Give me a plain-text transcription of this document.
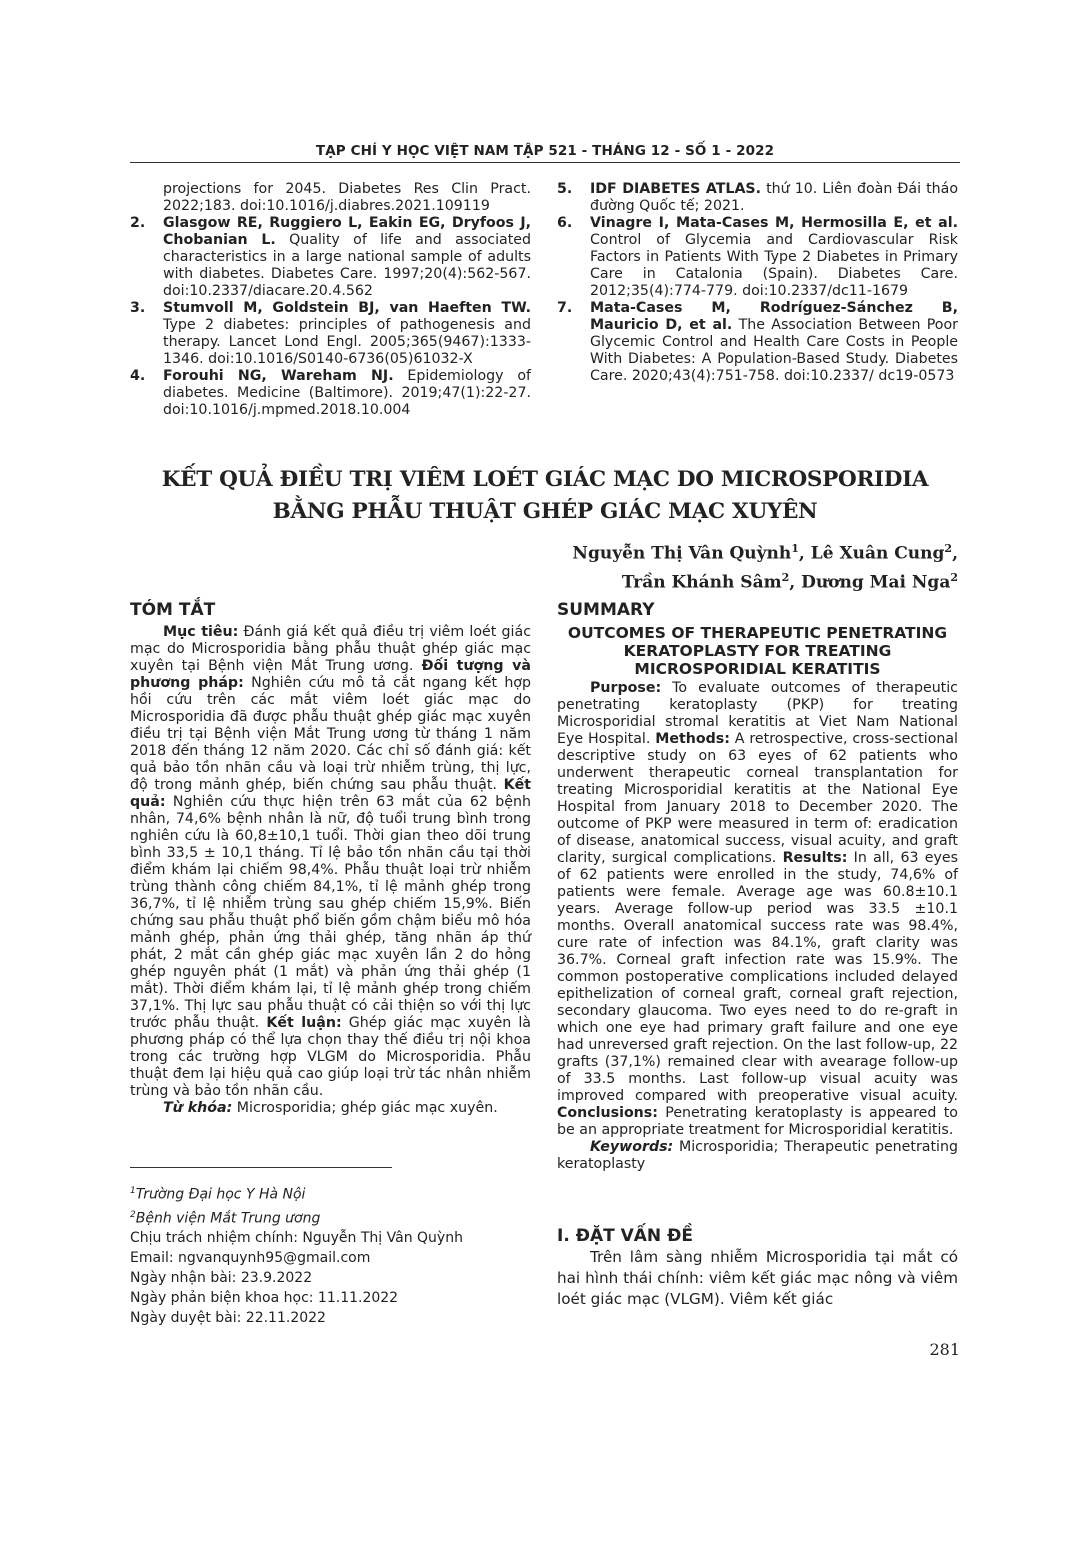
TẠP CHÍ Y HỌC VIỆT NAM TẬP 521 - THÁNG 12 - SỐ 1 - 2022

projections for 2045. Diabetes Res Clin Pract. 2022;183. doi:10.1016/j.diabres.2021.109119

2. Glasgow RE, Ruggiero L, Eakin EG, Dryfoos J, Chobanian L. Quality of life and associated characteristics in a large national sample of adults with diabetes. Diabetes Care. 1997;20(4):562-567. doi:10.2337/diacare.20.4.562

3. Stumvoll M, Goldstein BJ, van Haeften TW. Type 2 diabetes: principles of pathogenesis and therapy. Lancet Lond Engl. 2005;365(9467):1333-1346. doi:10.1016/S0140-6736(05)61032-X

4. Forouhi NG, Wareham NJ. Epidemiology of diabetes. Medicine (Baltimore). 2019;47(1):22-27. doi:10.1016/j.mpmed.2018.10.004

5. IDF DIABETES ATLAS. thứ 10. Liên đoàn Đái tháo đường Quốc tế; 2021.

6. Vinagre I, Mata-Cases M, Hermosilla E, et al. Control of Glycemia and Cardiovascular Risk Factors in Patients With Type 2 Diabetes in Primary Care in Catalonia (Spain). Diabetes Care. 2012;35(4):774-779. doi:10.2337/dc11-1679

7. Mata-Cases M, Rodríguez-Sánchez B, Mauricio D, et al. The Association Between Poor Glycemic Control and Health Care Costs in People With Diabetes: A Population-Based Study. Diabetes Care. 2020;43(4):751-758. doi:10.2337/ dc19-0573

KẾT QUẢ ĐIỀU TRỊ VIÊM LOÉT GIÁC MẠC DO MICROSPORIDIA
BẰNG PHẪU THUẬT GHÉP GIÁC MẠC XUYÊN
Nguyễn Thị Vân Quỳnh$^1$, Lê Xuân Cung$^2$,
Trần Khánh Sâm$^2$, Dương Mai Nga$^2$
TÓM TẮT	SUMMARY

Mục tiêu: Đánh giá kết quả điều trị viêm loét giác mạc do Microsporidia bằng phẫu thuật ghép giác mạc xuyên tại Bệnh viện Mắt Trung ương. Đối tượng và phương pháp: Nghiên cứu mô tả cắt ngang kết hợp hồi cứu trên các mắt viêm loét giác mạc do Microsporidia đã được phẫu thuật ghép giác mạc xuyên điều trị tại Bệnh viện Mắt Trung ương từ tháng 1 năm 2018 đến tháng 12 năm 2020. Các chỉ số đánh giá: kết quả bảo tồn nhãn cầu và loại trừ nhiễm trùng, thị lực, độ trong mảnh ghép, biến chứng sau phẫu thuật. Kết quả: Nghiên cứu thực hiện trên 63 mắt của 62 bệnh nhân, 74,6% bệnh nhân là nữ, độ tuổi trung bình trong nghiên cứu là 60,8±10,1 tuổi. Thời gian theo dõi trung bình 33,5 ± 10,1 tháng. Tỉ lệ bảo tồn nhãn cầu tại thời điểm khám lại chiếm 98,4%. Phẫu thuật loại trừ nhiễm trùng thành công chiếm 84,1%, tỉ lệ mảnh ghép trong 36,7%, tỉ lệ nhiễm trùng sau ghép chiếm 15,9%. Biến chứng sau phẫu thuật phổ biến gồm chậm biểu mô hóa mảnh ghép, phản ứng thải ghép, tăng nhãn áp thứ phát, 2 mắt cần ghép giác mạc xuyên lần 2 do hỏng ghép nguyên phát (1 mắt) và phản ứng thải ghép (1 mắt). Thời điểm khám lại, tỉ lệ mảnh ghép trong chiếm 37,1%. Thị lực sau phẫu thuật có cải thiện so với thị lực trước phẫu thuật. Kết luận: Ghép giác mạc xuyên là phương pháp có thể lựa chọn thay thế điều trị nội khoa trong các trường hợp VLGM do Microsporidia. Phẫu thuật đem lại hiệu quả cao giúp loại trừ tác nhân nhiễm trùng và bảo tồn nhãn cầu.

Từ khóa: Microsporidia; ghép giác mạc xuyên.

$^1$Trường Đại học Y Hà Nội

$^2$Bệnh viện Mắt Trung ương

Chịu trách nhiệm chính: Nguyễn Thị Vân Quỳnh

Email: ngvanquynh95@gmail.com

Ngày nhận bài: 23.9.2022

Ngày phản biện khoa học: 11.11.2022

Ngày duyệt bài: 22.11.2022

OUTCOMES OF THERAPEUTIC PENETRATING KERATOPLASTY FOR TREATING MICROSPORIDIAL KERATITIS

Purpose: To evaluate outcomes of therapeutic penetrating keratoplasty (PKP) for treating Microsporidial stromal keratitis at Viet Nam National Eye Hospital. Methods: A retrospective, cross-sectional descriptive study on 63 eyes of 62 patients who underwent therapeutic corneal transplantation for treating Microsporidial keratitis at the National Eye Hospital from January 2018 to December 2020. The outcome of PKP were measured in term of: eradication of disease, anatomical success, visual acuity, and graft clarity, surgical complications. Results: In all, 63 eyes of 62 patients were enrolled in the study, 74,6% of patients were female. Average age was 60.8±10.1 years. Average follow-up period was 33.5 ±10.1 months. Overall anatomical success rate was 98.4%, cure rate of infection was 84.1%, graft clarity was 36.7%. Corneal graft infection rate was 15.9%. The common postoperative complications included delayed epithelization of corneal graft, corneal graft rejection, secondary glaucoma. Two eyes need to do re-graft in which one eye had primary graft failure and one eye had unreversed graft rejection. On the last follow-up, 22 grafts (37,1%) remained clear with avearage follow-up of 33.5 months. Last follow-up visual acuity was improved compared with preoperative visual acuity. Conclusions: Penetrating keratoplasty is appeared to be an appropriate treatment for Microsporidial keratitis.

Keywords: Microsporidia; Therapeutic penetrating keratoplasty

I. ĐẶT VẤN ĐỀ

Trên lâm sàng nhiễm Microsporidia tại mắt có hai hình thái chính: viêm kết giác mạc nông và viêm loét giác mạc (VLGM). Viêm kết giác

281
